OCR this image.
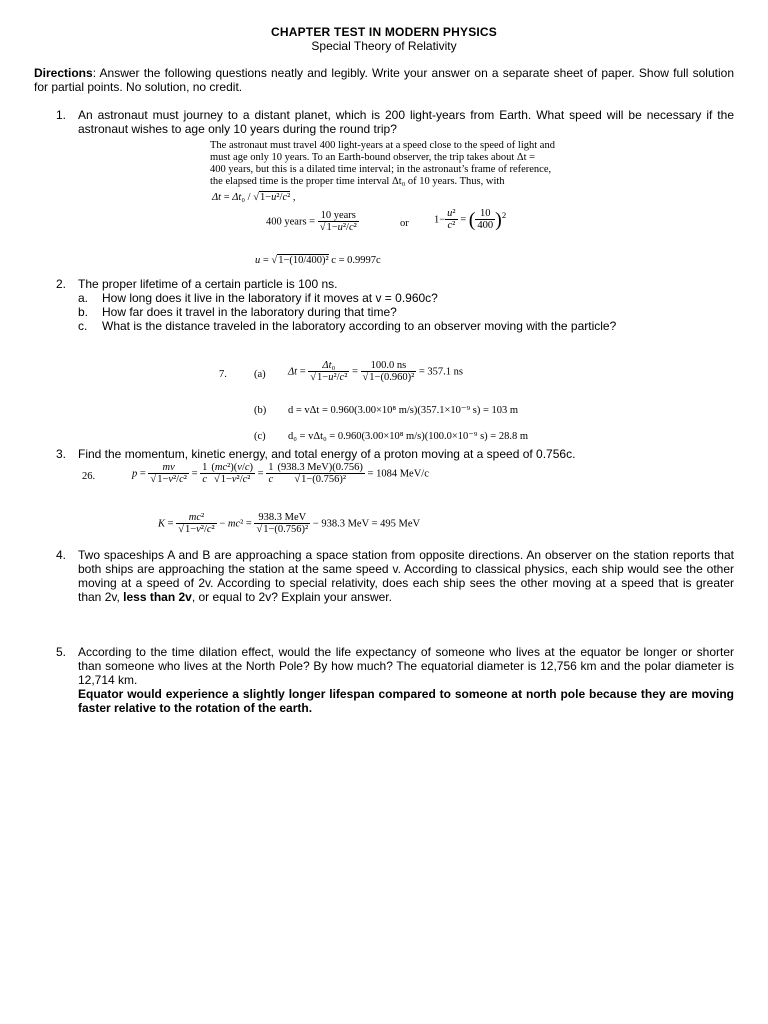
CHAPTER TEST IN MODERN PHYSICS
Special Theory of Relativity
Directions: Answer the following questions neatly and legibly. Write your answer on a separate sheet of paper. Show full solution for partial points. No solution, no credit.
1. An astronaut must journey to a distant planet, which is 200 light-years from Earth. What speed will be necessary if the astronaut wishes to age only 10 years during the round trip?
The astronaut must travel 400 light-years at a speed close to the speed of light and
must age only 10 years. To an Earth-bound observer, the trip takes about Δt =
400 years, but this is a dilated time interval; in the astronaut’s frame of reference,
the elapsed time is the proper time interval Δt₀ of 10 years. Thus, with
Δt = Δt₀ / √1−u²/c² ,
400 years = $\frac{\text{10 years}}{\text{√1−u²/c²}}$	or $1- \frac{\text{u²}}{\text{c²}}$ = ( $\frac{10}{400} )^2$
u = √1−(10/400)² c = 0.9997c
2. The proper lifetime of a certain particle is 100 ns.
a. How long does it live in the laboratory if it moves at v = 0.960c?
b. How far does it travel in the laboratory during that time?
c. What is the distance traveled in the laboratory according to an observer moving with the particle?
7.	(a) $\Delta t = \frac{\text{Δt₀}}{\text{√1−u²/c²}} = \frac{100.0 ns}{\text{√1−(0.960)²}} = 357.1$ ns
(b) d = vΔt = 0.960(3.00×10⁸ m/s)(357.1×10⁻⁹ s) = 103 m
(c) d₀ = vΔt₀ = 0.960(3.00×10⁸ m/s)(100.0×10⁻⁹ s) = 28.8 m
3. Find the momentum, kinetic energy, and total energy of a proton moving at a speed of 0.756c.
26.	$p = \frac{mv}{\text{√1−v²/c²}} = \frac{1}{c} \frac{\text{(mc²)(v/c)}}{\text{√1−v²/c²}} = \frac{1}{c} \frac{\text{(938.3 MeV)(0.756)}}{\text{√1−(0.756)²}} = 1084$ MeV/c
$K = \frac{\text{mc²}}{\text{√1−v²/c²}} - mc^2 = \frac{\text{938.3 MeV}}{\text{√1−(0.756)²}} - 938.3$ MeV = 495 MeV
4. Two spaceships A and B are approaching a space station from opposite directions. An observer on the station reports that both ships are approaching the station at the same speed v. According to classical physics, each ship would see the other moving at a speed of 2v. According to special relativity, does each ship sees the other moving at a speed that is greater than 2v, less than 2v, or equal to 2v? Explain your answer.
5. According to the time dilation effect, would the life expectancy of someone who lives at the equator be longer or shorter than someone who lives at the North Pole? By how much? The equatorial diameter is 12,756 km and the polar diameter is 12,714 km.
Equator would experience a slightly longer lifespan compared to someone at north pole because they are moving faster relative to the rotation of the earth.
